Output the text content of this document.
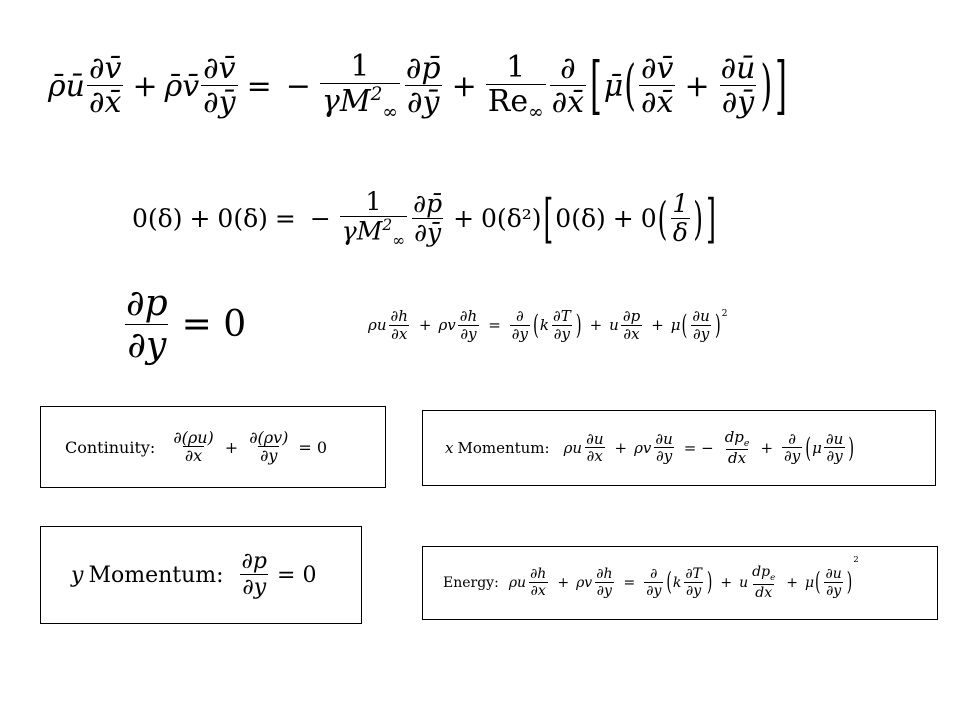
ρ̄ū $\frac{\partial v̄}{\partial x̄}$ + ρ̄v̄ $\frac{\partial v̄}{\partial ȳ}$ = − $\frac{1}{\gamma M^2_\infty} \frac{\partial p̄}{\partial ȳ} + \frac{1}{Re_\infty} \frac{\partial}{\partial x̄}$ [ μ̄ ( $\frac{\partial v̄}{\partial x̄} + \frac{\partial ū}{\partial ȳ}$ ) ]
0(δ) + 0(δ) = − $\frac{1}{\gamma M^2_\infty} \frac{\partial p̄}{\partial ȳ} + 0(\delta^2)$ [ 0(δ) + 0 ( $\frac{1}{\delta}$ ) ]
$\frac{\partial p}{\partial y} = 0$	ρu $\frac{\partial h}{\partial x} + \rho v \frac{\partial h}{\partial y} = \frac{\partial}{\partial y}$ ( k $\frac{\partial T}{\partial y}$ ) + u $\frac{\partial p}{\partial x} + \mu$ ( $\frac{\partial u}{\partial y}$ ) 2
Continuity: $\frac{\partial(\rho u)}{\partial x} + \frac{\partial(\rho v)}{\partial y} = 0$	x Momentum: ρu $\frac{\partial u}{\partial x} + \rho v \frac{\partial u}{\partial y}$ = − $\frac{dp_e}{dx} + \frac{\partial}{\partial y}$ ( μ $\frac{\partial u}{\partial y}$ )
y Momentum: $\frac{\partial p}{\partial y} = 0$	Energy: ρu $\frac{\partial h}{\partial x} + \rho v \frac{\partial h}{\partial y} = \frac{\partial}{\partial y}$ ( k $\frac{\partial T}{\partial y}$ ) + u $\frac{dp_e}{dx} + \mu$ ( $\frac{\partial u}{\partial y}$ )
2
